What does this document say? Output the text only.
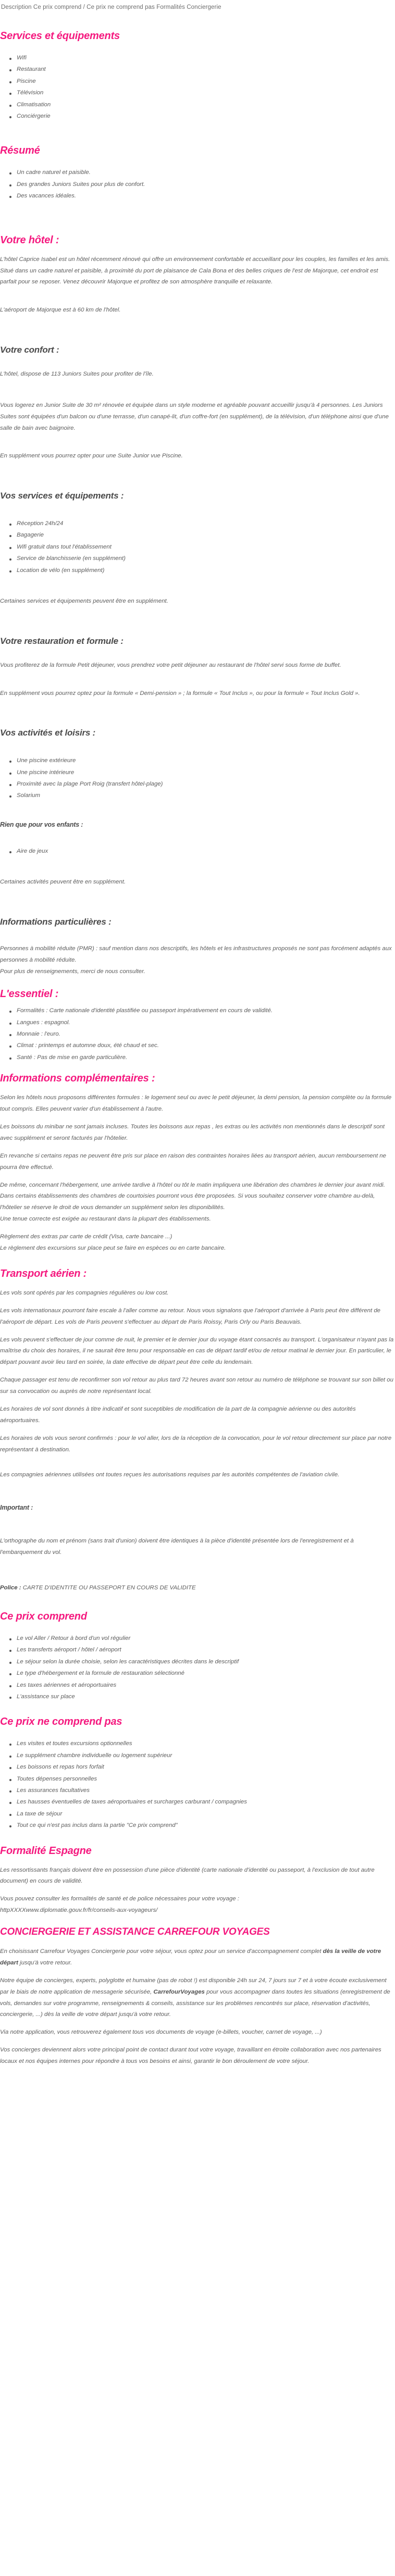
Description Ce prix comprend / Ce prix ne comprend pas Formalités Conciergerie
Services et équipements
Wifi
Restaurant
Piscine
Télévision
Climatisation
Conciérgerie
Résumé
Un cadre naturel et paisible.
Des grandes Juniors Suites pour plus de confort.
Des vacances idéales.
Votre hôtel :

L'hôtel Caprice Isabel est un hôtel récemment rénové qui offre un environnement confortable et accueillant pour les couples, les familles et les amis. Situé dans un cadre naturel et paisible, à proximité du port de plaisance de Cala Bona et des belles criques de l'est de Majorque, cet endroit est parfait pour se reposer. Venez découvrir Majorque et profitez de son atmosphère tranquille et relaxante.

L'aéroport de Majorque est à 60 km de l'hôtel.

Votre confort :

L'hôtel, dispose de 113 Juniors Suites pour profiter de l'île.

Vous logerez en Junior Suite de 30 m² rénovée et équipée dans un style moderne et agréable pouvant accueillir jusqu'à 4 personnes. Les Juniors Suites sont équipées d'un balcon ou d'une terrasse, d'un canapé-lit, d'un coffre-fort (en supplément), de la télévision, d'un téléphone ainsi que d'une salle de bain avec baignoire.

En supplément vous pourrez opter pour une Suite Junior vue Piscine.

Vos services et équipements :
Réception 24h/24
Bagagerie
Wifi gratuit dans tout l'établissement
Service de blanchisserie (en supplément)
Location de vélo (en supplément)

Certaines services et équipements peuvent être en supplément.

Votre restauration et formule :

Vous profiterez de la formule Petit déjeuner, vous prendrez votre petit déjeuner au restaurant de l'hôtel servi sous forme de buffet.

En supplément vous pourrez optez pour la formule « Demi-pension » ; la formule « Tout Inclus », ou pour la formule « Tout Inclus Gold ».

Vos activités et loisirs :
Une piscine extérieure
Une piscine intérieure
Proximité avec la plage Port Roig (transfert hôtel-plage)
Solarium
Rien que pour vos enfants :
Aire de jeux

Certaines activités peuvent être en supplément.

Informations particulières :

Personnes à mobilité réduite (PMR) : sauf mention dans nos descriptifs, les hôtels et les infrastructures proposés ne sont pas forcément adaptés aux personnes à mobilité réduite.

Pour plus de renseignements, merci de nous consulter.

L'essentiel :
Formalités : Carte nationale d'identité plastifiée ou passeport impérativement en cours de validité.
Langues : espagnol.
Monnaie : l'euro.
Climat : printemps et automne doux, été chaud et sec.
Santé : Pas de mise en garde particulière.
Informations complémentaires :

Selon les hôtels nous proposons différentes formules : le logement seul ou avec le petit déjeuner, la demi pension, la pension complète ou la formule tout compris. Elles peuvent varier d'un établissement à l'autre.

Les boissons du minibar ne sont jamais incluses. Toutes les boissons aux repas , les extras ou les activités non mentionnés dans le descriptif sont avec supplément et seront facturés par l'hôtelier.

En revanche si certains repas ne peuvent être pris sur place en raison des contraintes horaires liées au transport aérien, aucun remboursement ne pourra être effectué.

De même, concernant l'hébergement, une arrivée tardive à l'hôtel ou tôt le matin impliquera une libération des chambres le dernier jour avant midi. Dans certains établissements des chambres de courtoisies pourront vous être proposées. Si vous souhaitez conserver votre chambre au-delà, l'hôtelier se réserve le droit de vous demander un supplément selon les disponibilités.

Une tenue correcte est exigée au restaurant dans la plupart des établissements.

Règlement des extras par carte de crédit (Visa, carte bancaire ...)

Le règlement des excursions sur place peut se faire en espèces ou en carte bancaire.

Transport aérien :

Les vols sont opérés par les compagnies régulières ou low cost.

Les vols internationaux pourront faire escale à l'aller comme au retour. Nous vous signalons que l'aéroport d'arrivée à Paris peut être différent de l'aéroport de départ. Les vols de Paris peuvent s'effectuer au départ de Paris Roissy, Paris Orly ou Paris Beauvais.

Les vols peuvent s'effectuer de jour comme de nuit, le premier et le dernier jour du voyage étant consacrés au transport. L'organisateur n'ayant pas la maîtrise du choix des horaires, il ne saurait être tenu pour responsable en cas de départ tardif et/ou de retour matinal le dernier jour. En particulier, le départ pouvant avoir lieu tard en soirée, la date effective de départ peut être celle du lendemain.

Chaque passager est tenu de reconfirmer son vol retour au plus tard 72 heures avant son retour au numéro de téléphone se trouvant sur son billet ou sur sa convocation ou auprès de notre représentant local.

Les horaires de vol sont donnés à titre indicatif et sont suceptibles de modification de la part de la compagnie aérienne ou des autorités aéroportuaires.

Les horaires de vols vous seront confirmés : pour le vol aller, lors de la réception de la convocation, pour le vol retour directement sur place par notre représentant à destination.

Les compagnies aériennes utilisées ont toutes reçues les autorisations requises par les autorités compétentes de l'aviation civile.

Important :

L'orthographe du nom et prénom (sans trait d'union) doivent être identiques à la pièce d'identité présentée lors de l'enregistrement et à l'embarquement du vol.

Police : CARTE D'IDENTITE OU PASSEPORT EN COURS DE VALIDITE

Ce prix comprend
Le vol Aller / Retour à bord d'un vol régulier
Les transferts aéroport / hôtel / aéroport
Le séjour selon la durée choisie, selon les caractéristiques décrites dans le descriptif
Le type d'hébergement et la formule de restauration sélectionné
Les taxes aériennes et aéroportuaires
L'assistance sur place
Ce prix ne comprend pas
Les visites et toutes excursions optionnelles
Le supplément chambre individuelle ou logement supérieur
Les boissons et repas hors forfait
Toutes dépenses personnelles
Les assurances facultatives
Les hausses éventuelles de taxes aéroportuaires et surcharges carburant / compagnies
La taxe de séjour
Tout ce qui n'est pas inclus dans la partie "Ce prix comprend"
Formalité Espagne

Les ressortissants français doivent être en possession d'une pièce d'identité (carte nationale d'identité ou passeport, à l'exclusion de tout autre document) en cours de validité.

Vous pouvez consulter les formalités de santé et de police nécessaires pour votre voyage :

httpXXXXwww.diplomatie.gouv.fr/fr/conseils-aux-voyageurs/

CONCIERGERIE ET ASSISTANCE CARREFOUR VOYAGES

En choisissant Carrefour Voyages Conciergerie pour votre séjour, vous optez pour un service d'accompagnement complet dès la veille de votre départ jusqu'à votre retour.

Notre équipe de concierges, experts, polyglotte et humaine (pas de robot !) est disponible 24h sur 24, 7 jours sur 7 et à votre écoute exclusivement par le biais de notre application de messagerie sécurisée, CarrefourVoyages pour vous accompagner dans toutes les situations (enregistrement de vols, demandes sur votre programme, renseignements & conseils, assistance sur les problèmes rencontrés sur place, réservation d'activités, conciergerie, ...) dès la veille de votre départ jusqu'à votre retour.

Via notre application, vous retrouverez également tous vos documents de voyage (e-billets, voucher, carnet de voyage, ...)

Vos concierges deviennent alors votre principal point de contact durant tout votre voyage, travaillant en étroite collaboration avec nos partenaires locaux et nos équipes internes pour répondre à tous vos besoins et ainsi, garantir le bon déroulement de votre séjour.
